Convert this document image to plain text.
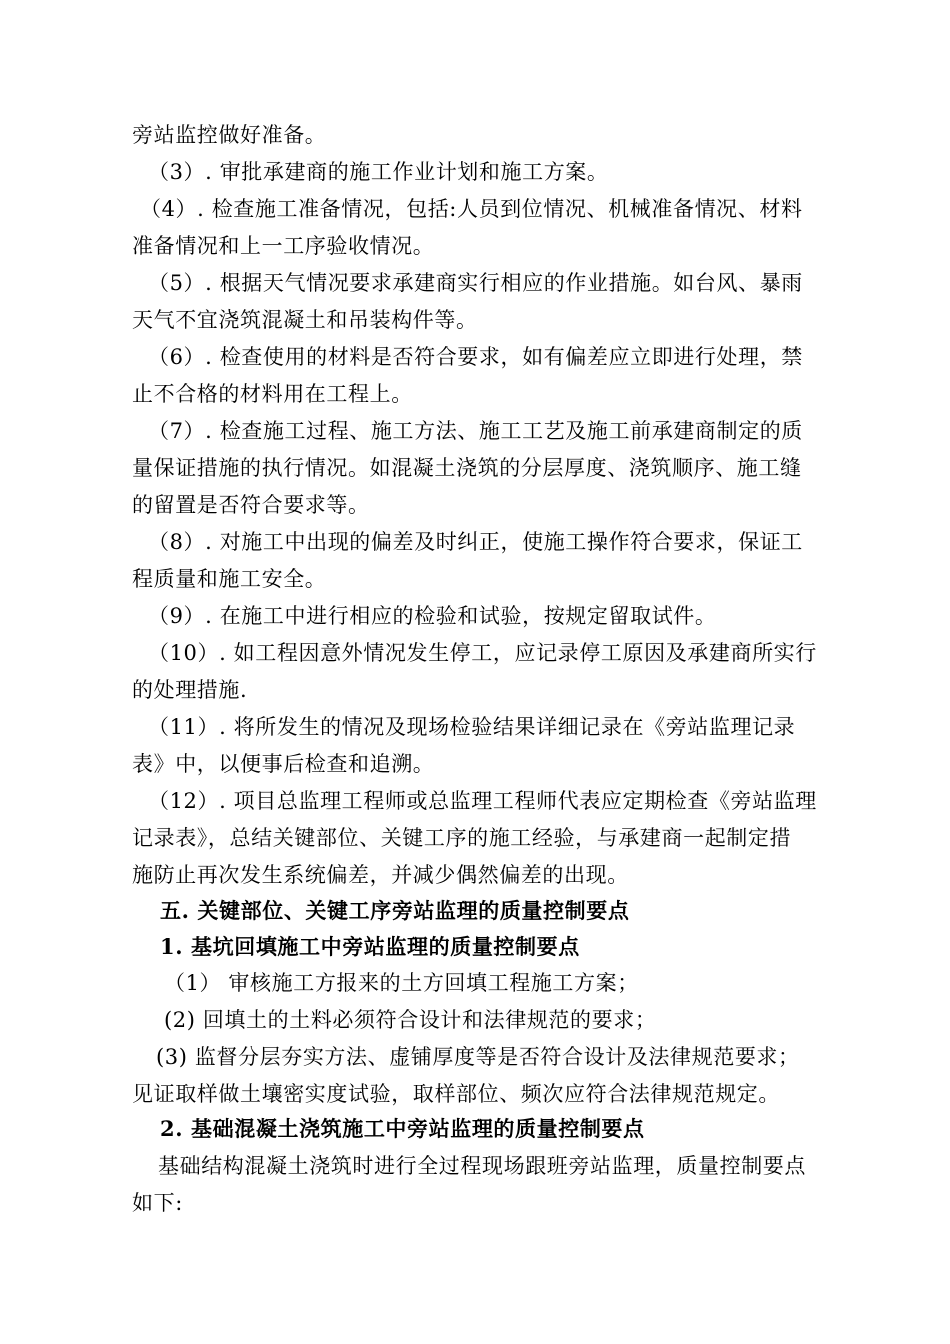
旁站监控做好准备。
（3）. 审批承建商的施工作业计划和施工方案。
（4）. 检查施工准备情况，包括:人员到位情况、机械准备情况、材料
准备情况和上一工序验收情况。
（5）. 根据天气情况要求承建商实行相应的作业措施。如台风、暴雨
天气不宜浇筑混凝土和吊装构件等。
（6）. 检查使用的材料是否符合要求，如有偏差应立即进行处理，禁
止不合格的材料用在工程上。
（7）. 检查施工过程、施工方法、施工工艺及施工前承建商制定的质
量保证措施的执行情况。如混凝土浇筑的分层厚度、浇筑顺序、施工缝
的留置是否符合要求等。
（8）. 对施工中出现的偏差及时纠正，使施工操作符合要求，保证工
程质量和施工安全。
（9）. 在施工中进行相应的检验和试验，按规定留取试件。
（10）. 如工程因意外情况发生停工，应记录停工原因及承建商所实行
的处理措施.
（11）. 将所发生的情况及现场检验结果详细记录在《旁站监理记录
表》中，以便事后检查和追溯。
（12）. 项目总监理工程师或总监理工程师代表应定期检查《旁站监理
记录表》，总结关键部位、关键工序的施工经验，与承建商一起制定措
施防止再次发生系统偏差，并减少偶然偏差的出现。
五. 关键部位、关键工序旁站监理的质量控制要点
1. 基坑回填施工中旁站监理的质量控制要点
（1） 审核施工方报来的土方回填工程施工方案；
(2) 回填土的土料必须符合设计和法律规范的要求；
(3) 监督分层夯实方法、虚铺厚度等是否符合设计及法律规范要求；
见证取样做土壤密实度试验，取样部位、频次应符合法律规范规定。
2. 基础混凝土浇筑施工中旁站监理的质量控制要点
基础结构混凝土浇筑时进行全过程现场跟班旁站监理，质量控制要点
如下:
